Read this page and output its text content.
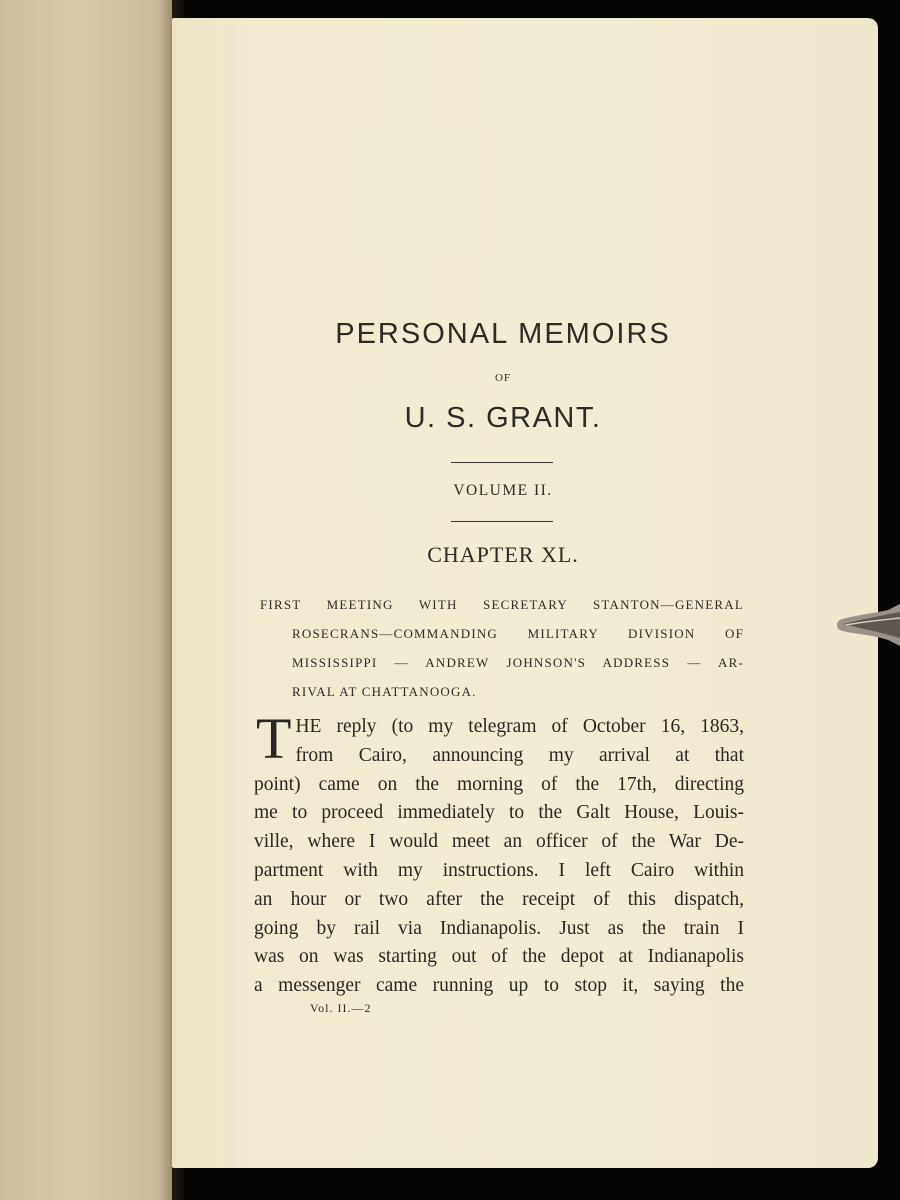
PERSONAL MEMOIRS
OF
U. S. GRANT.
VOLUME II.
CHAPTER XL.
FIRST MEETING WITH SECRETARY STANTON—GENERAL
ROSECRANS—COMMANDING MILITARY DIVISION OF
MISSISSIPPI — ANDREW JOHNSON'S ADDRESS — AR-
RIVAL AT CHATTANOOGA.
T HE reply (to my telegram of October 16, 1863,
from Cairo, announcing my arrival at that
point) came on the morning of the 17th, directing
me to proceed immediately to the Galt House, Louis-
ville, where I would meet an officer of the War De-
partment with my instructions. I left Cairo within
an hour or two after the receipt of this dispatch,
going by rail via Indianapolis. Just as the train I
was on was starting out of the depot at Indianapolis
a messenger came running up to stop it, saying the
Vol. II.—2
